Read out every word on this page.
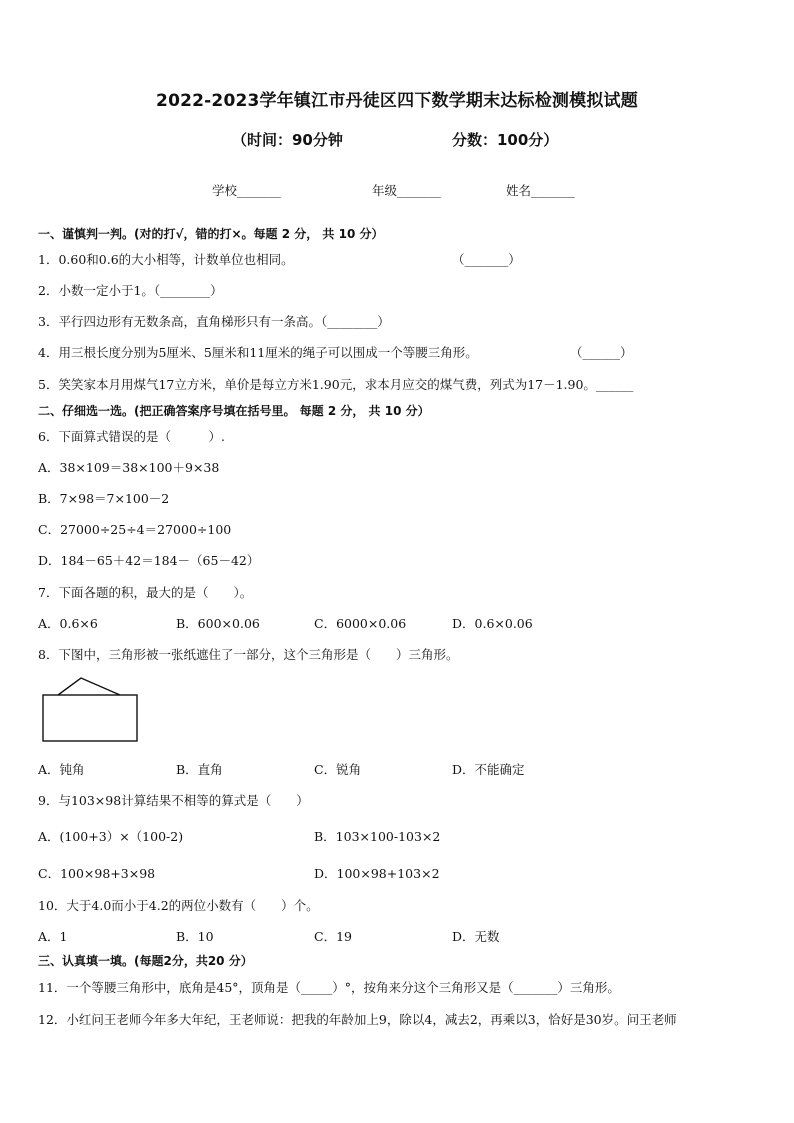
2022-2023学年镇江市丹徒区四下数学期末达标检测模拟试题
（时间：90分钟	分数：100分）
学校_______	年级_______	姓名_______
一、谨慎判一判。(对的打√，错的打×。每题 2 分， 共 10 分）
1．0.60和0.6的大小相等，计数单位也相同。	（_______）
2．小数一定小于1。（________）
3．平行四边形有无数条高，直角梯形只有一条高。（________）
4．用三根长度分别为5厘米、5厘米和11厘米的绳子可以围成一个等腰三角形。	（______）
5．笑笑家本月用煤气17立方米，单价是每立方米1.90元，求本月应交的煤气费，列式为17－1.90。______
二、仔细选一选。(把正确答案序号填在括号里。 每题 2 分， 共 10 分）
6．下面算式错误的是（　　　）.
A．38×109＝38×100＋9×38
B．7×98＝7×100－2
C．27000÷25÷4＝27000÷100
D．184－65＋42＝184－（65－42）
7．下面各题的积，最大的是（　　）。
A．0.6×6	B．600×0.06	C．6000×0.06	D．0.6×0.06
8．下图中，三角形被一张纸遮住了一部分，这个三角形是（　　）三角形。
A．钝角	B．直角	C．锐角	D．不能确定
9．与103×98计算结果不相等的算式是（　　）
A．(100+3）×（100-2)	B．103×100-103×2
C．100×98+3×98	D．100×98+103×2
10．大于4.0而小于4.2的两位小数有（　　）个。
A．1	B．10	C．19	D．无数
三、认真填一填。(每题2分，共20 分）
11．一个等腰三角形中，底角是45°，顶角是（_____）°，按角来分这个三角形又是（_______）三角形。
12．小红问王老师今年多大年纪，王老师说：把我的年龄加上9，除以4，减去2，再乘以3，恰好是30岁。问王老师
